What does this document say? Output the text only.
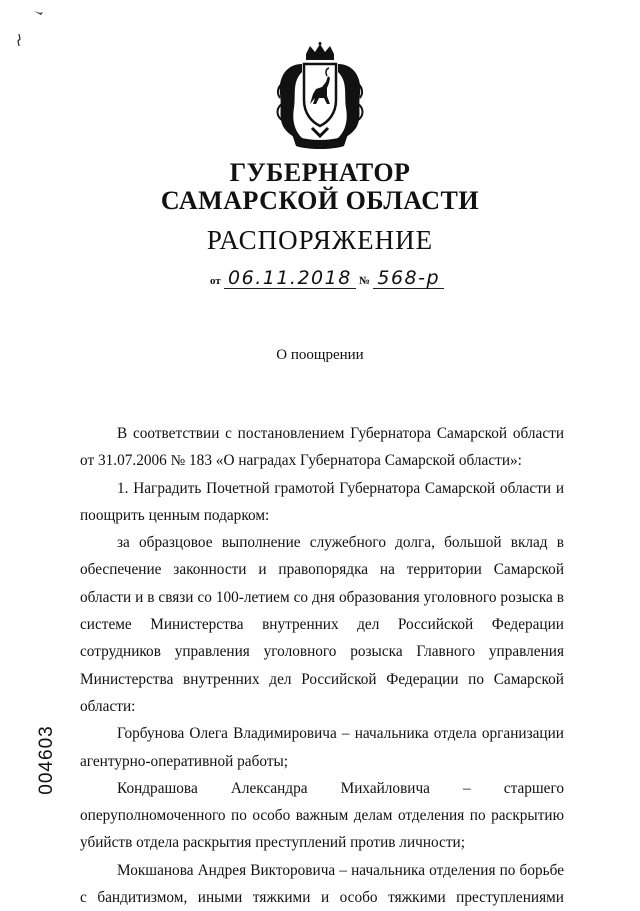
ГУБЕРНАТОР
САМАРСКОЙ ОБЛАСТИ
РАСПОРЯЖЕНИЕ
от 06.11.2018 № 568-р
О поощрении

В соответствии с постановлением Губернатора Самарской области от 31.07.2006 № 183 «О наградах Губернатора Самарской области»:

1. Наградить Почетной грамотой Губернатора Самарской области и поощрить ценным подарком:

за образцовое выполнение служебного долга, большой вклад в обеспечение законности и правопорядка на территории Самарской области и в связи со 100-летием со дня образования уголовного розыска в системе Министерства внутренних дел Российской Федерации сотрудников управления уголовного розыска Главного управления Министерства внутренних дел Российской Федерации по Самарской области:

Горбунова Олега Владимировича – начальника отдела организации агентурно-оперативной работы;

Кондрашова Александра Михайловича – старшего оперуполномоченного по особо важным делам отделения по раскрытию убийств отдела раскрытия преступлений против личности;

Мокшанова Андрея Викторовича – начальника отделения по борьбе с бандитизмом, иными тяжкими и особо тяжкими преступлениями

004603
